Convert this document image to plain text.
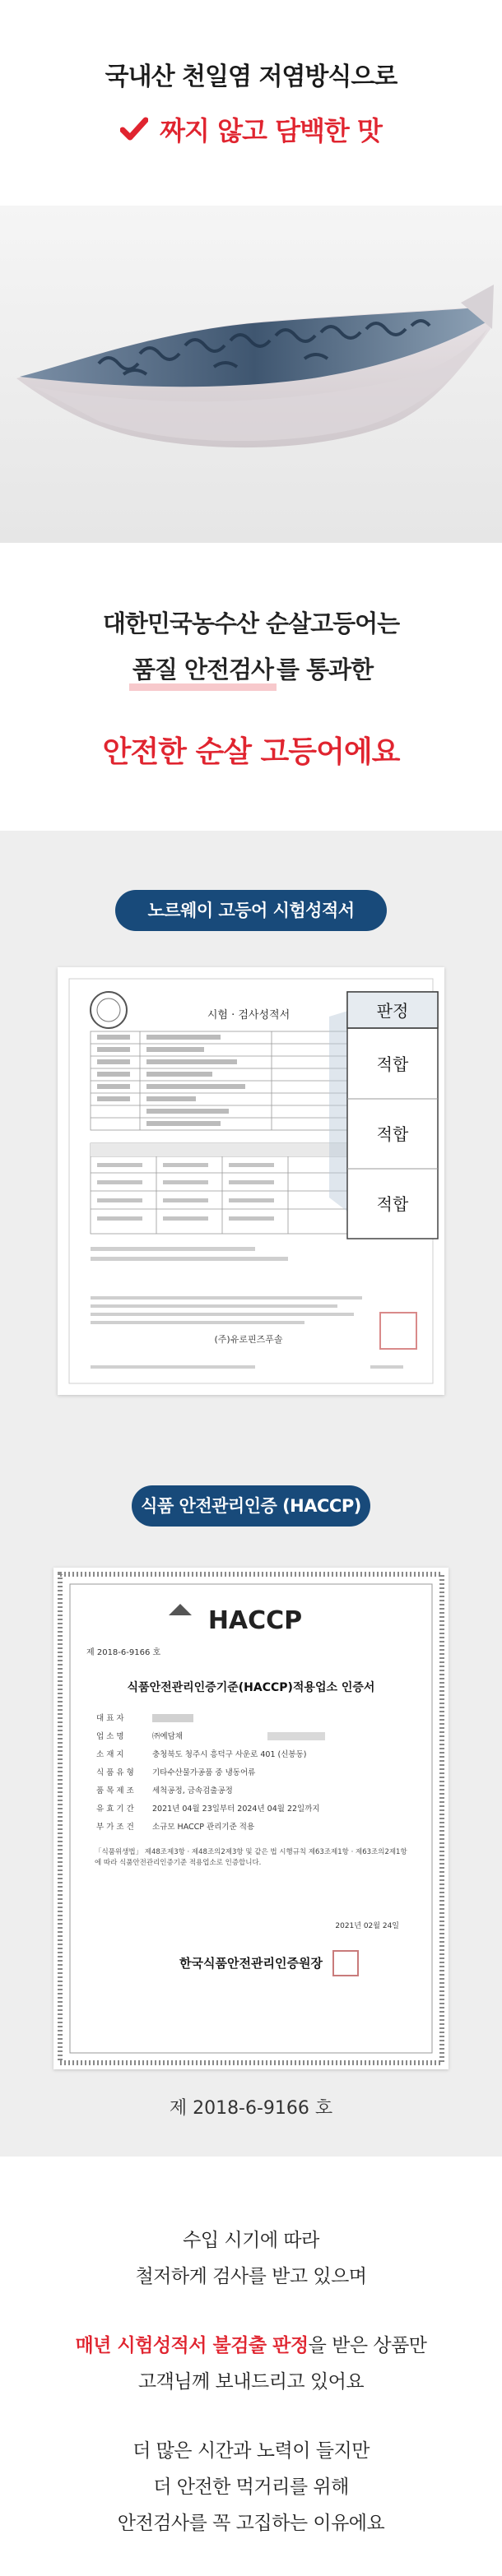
국내산 천일염 저염방식으로
짜지 않고 담백한 맛
대한민국농수산 순살고등어는
품질 안전검사 를 통과한
안전한 순살 고등어에요
노르웨이 고등어 시험성적서
시험 · 검사성적서
(주)유로핀즈푸솔
판정
적합
적합
적합
식품 안전관리인증 (HACCP)
HACCP
제 2018-6-9166 호
식품안전관리인증기준(HACCP)적용업소 인증서
대 표 자
업 소 명
소 재 지
식 품 유 형
품 목 제 조
유 효 기 간
부 가 조 건
㈜예담채
충청북도 청주시 흥덕구 사운로 401 (신봉동)
기타수산물가공품 중 냉동어류
세척공정, 금속검출공정
2021년 04월 23일부터 2024년 04월 22일까지
소규모 HACCP 관리기준 적용
「식품위생법」 제48조제3항 · 제48조의2제3항 및 같은 법 시행규칙 제63조제1항 · 제63조의2제1항에 따라 식품안전관리인증기준 적용업소로 인증합니다.
2021년 02월 24일
한국식품안전관리인증원장
제 2018-6-9166 호

수입 시기에 따라

철저하게 검사를 받고 있으며

매년 시험성적서 불검출 판정을 받은 상품만

고객님께 보내드리고 있어요

더 많은 시간과 노력이 들지만

더 안전한 먹거리를 위해

안전검사를 꼭 고집하는 이유에요
